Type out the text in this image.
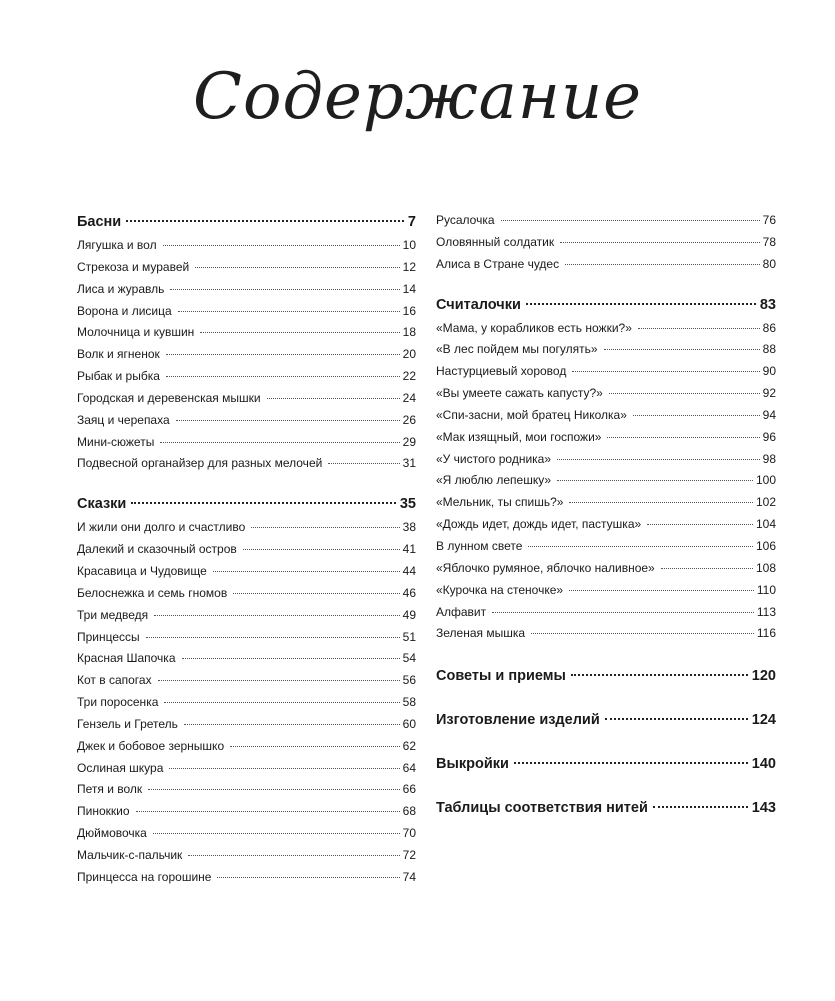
Содержание
Басни	7
Лягушка и вол	10
Стрекоза и муравей	12
Лиса и журавль	14
Ворона и лисица	16
Молочница и кувшин	18
Волк и ягненок	20
Рыбак и рыбка	22
Городская и деревенская мышки	24
Заяц и черепаха	26
Мини-сюжеты	29
Подвесной органайзер для разных мелочей	31
Сказки	35
И жили они долго и счастливо	38
Далекий и сказочный остров	41
Красавица и Чудовище	44
Белоснежка и семь гномов	46
Три медведя	49
Принцессы	51
Красная Шапочка	54
Кот в сапогах	56
Три поросенка	58
Гензель и Гретель	60
Джек и бобовое зернышко	62
Ослиная шкура	64
Петя и волк	66
Пиноккио	68
Дюймовочка	70
Мальчик-с-пальчик	72
Принцесса на горошине	74
Русалочка	76
Оловянный солдатик	78
Алиса в Стране чудес	80
Считалочки	83
«Мама, у корабликов есть ножки?»	86
«В лес пойдем мы погулять»	88
Настурциевый хоровод	90
«Вы умеете сажать капусту?»	92
«Спи-засни, мой братец Николка»	94
«Мак изящный, мои госпожи»	96
«У чистого родника»	98
«Я люблю лепешку»	100
«Мельник, ты спишь?»	102
«Дождь идет, дождь идет, пастушка»	104
В лунном свете	106
«Яблочко румяное, яблочко наливное»	108
«Курочка на стеночке»	110
Алфавит	113
Зеленая мышка	116
Советы и приемы	120
Изготовление изделий	124
Выкройки	140
Таблицы соответствия нитей	143
